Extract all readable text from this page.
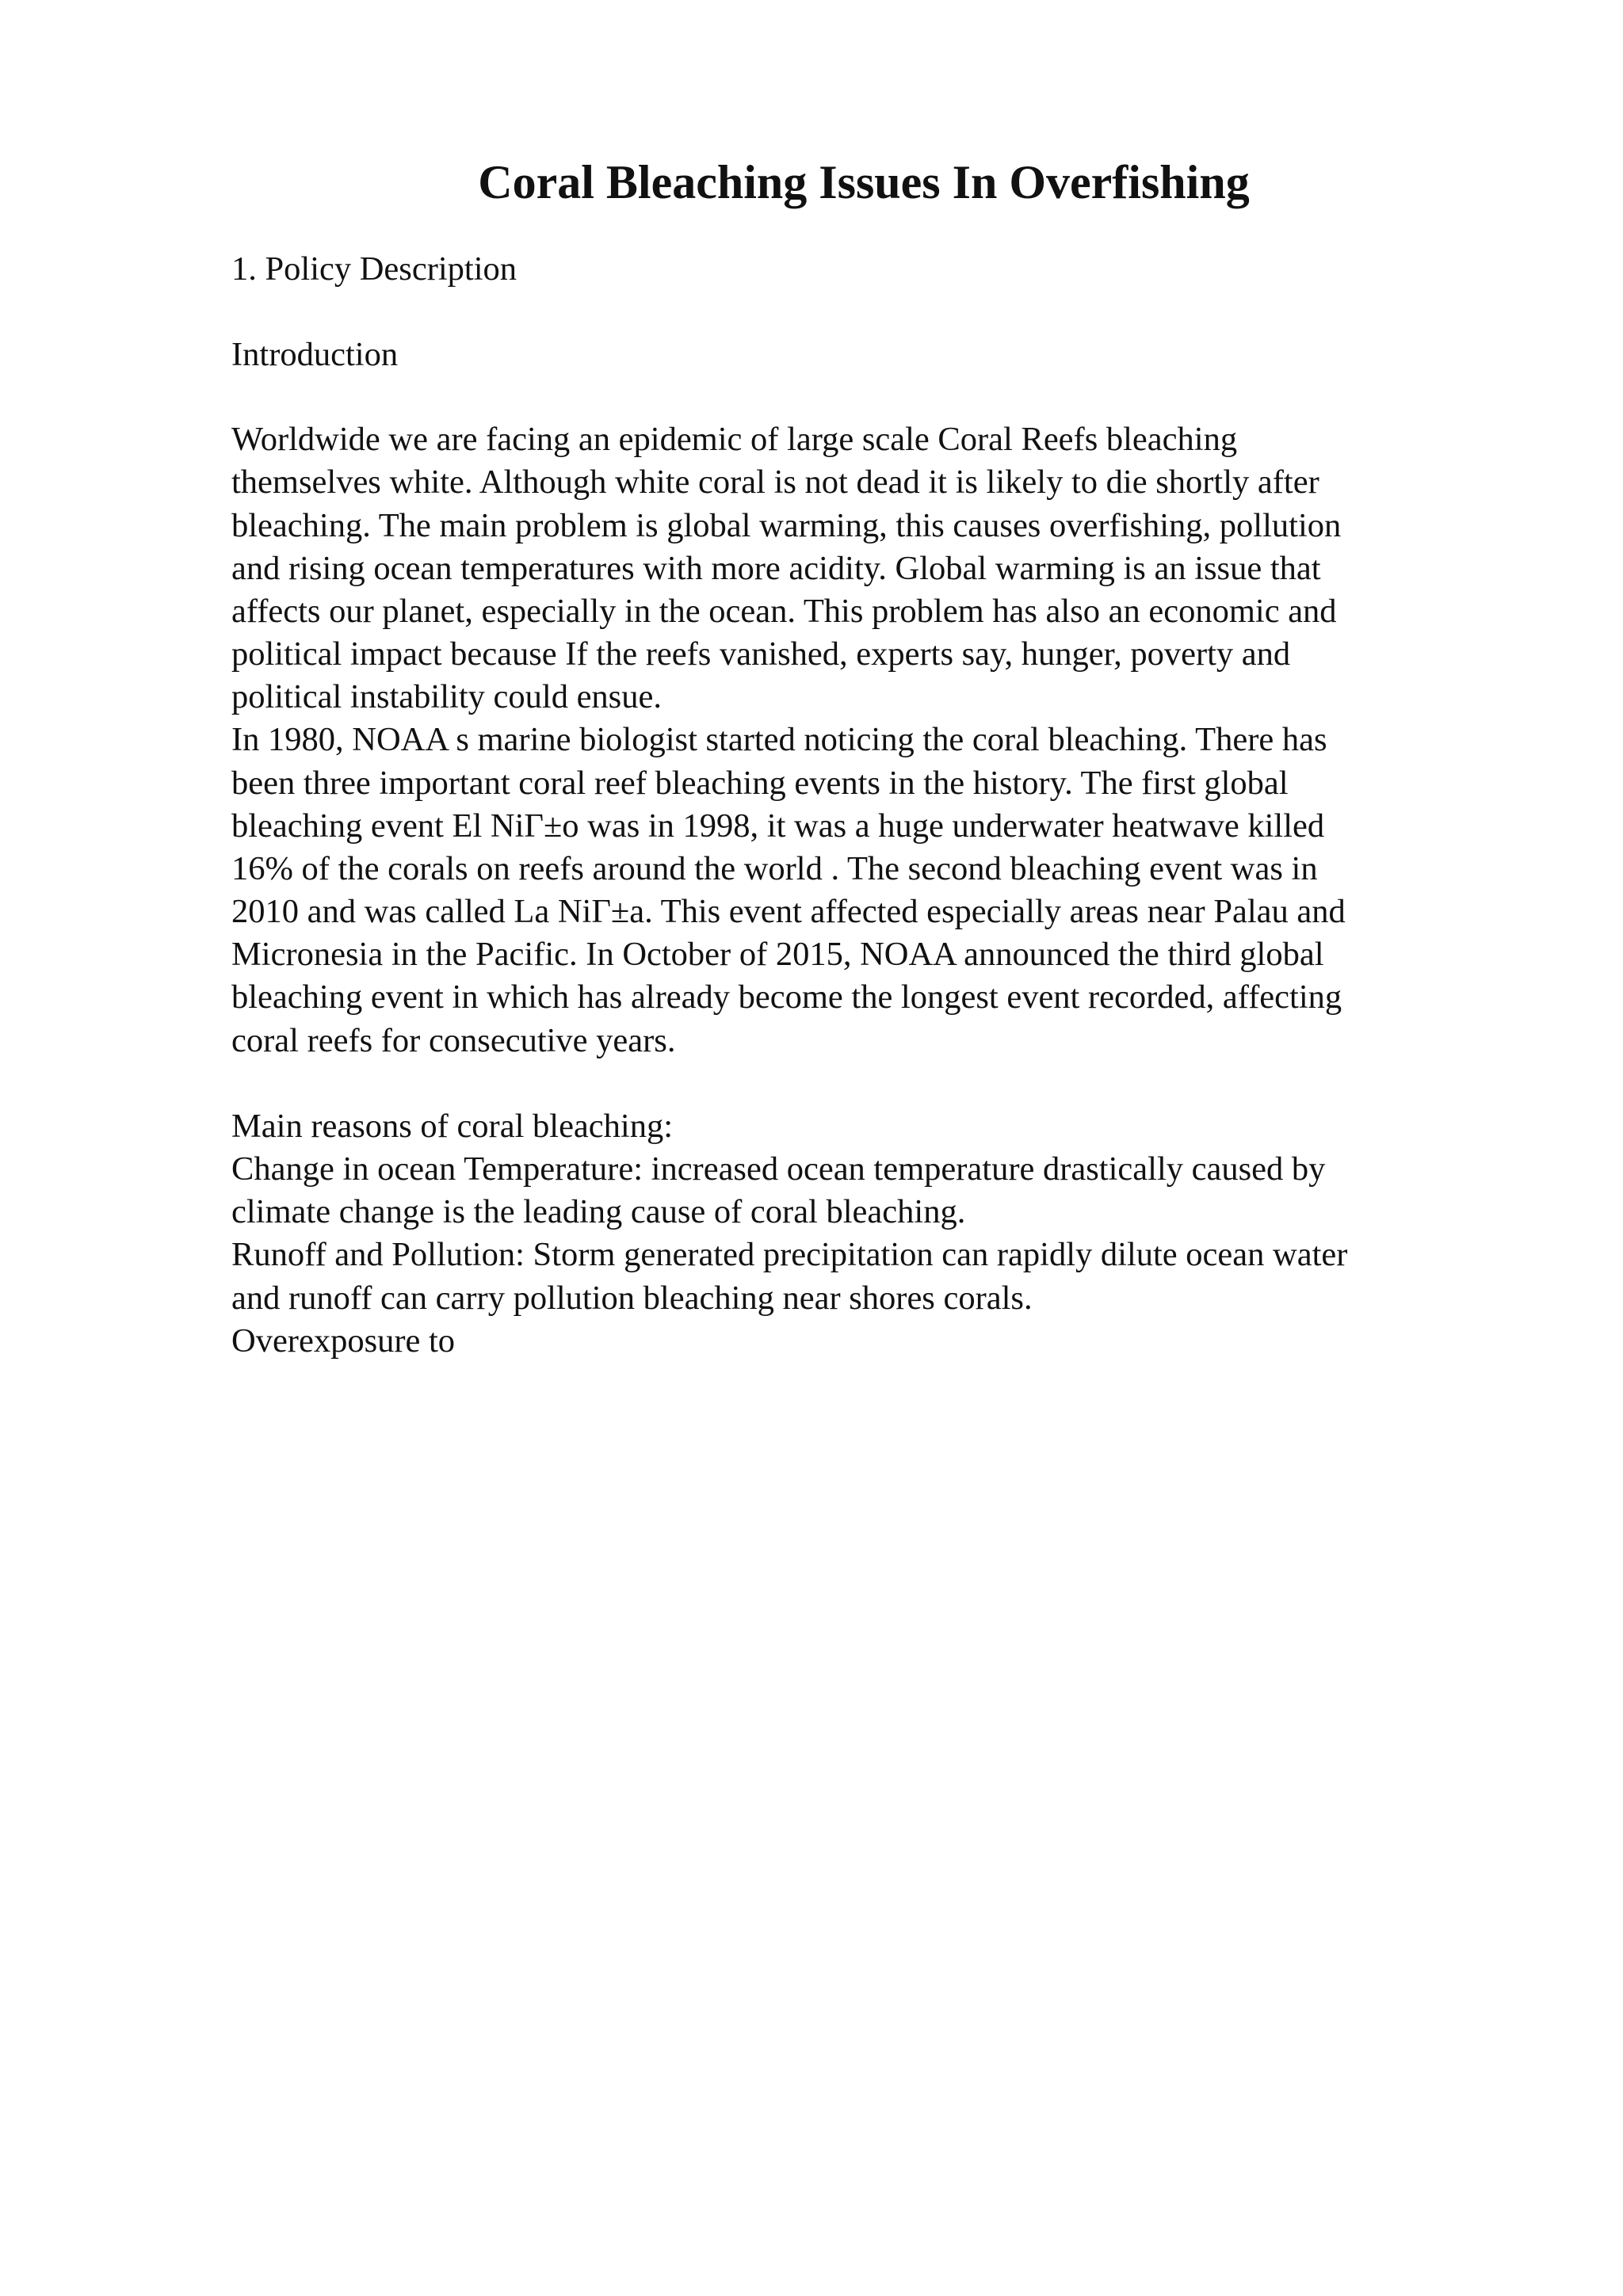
Coral Bleaching Issues In Overfishing

1. Policy Description

Introduction

Worldwide we are facing an epidemic of large scale Coral Reefs bleaching

themselves white. Although white coral is not dead it is likely to die shortly after

bleaching. The main problem is global warming, this causes overfishing, pollution

and rising ocean temperatures with more acidity. Global warming is an issue that

affects our planet, especially in the ocean. This problem has also an economic and

political impact because If the reefs vanished, experts say, hunger, poverty and

political instability could ensue.

In 1980, NOAA s marine biologist started noticing the coral bleaching. There has

been three important coral reef bleaching events in the history. The first global

bleaching event El NiΓ±o was in 1998, it was a huge underwater heatwave killed

16% of the corals on reefs around the world . The second bleaching event was in

2010 and was called La NiΓ±a. This event affected especially areas near Palau and

Micronesia in the Pacific. In October of 2015, NOAA announced the third global

bleaching event in which has already become the longest event recorded, affecting

coral reefs for consecutive years.

Main reasons of coral bleaching:

Change in ocean Temperature: increased ocean temperature drastically caused by

climate change is the leading cause of coral bleaching.

Runoff and Pollution: Storm generated precipitation can rapidly dilute ocean water

and runoff can carry pollution bleaching near shores corals.

Overexposure to
